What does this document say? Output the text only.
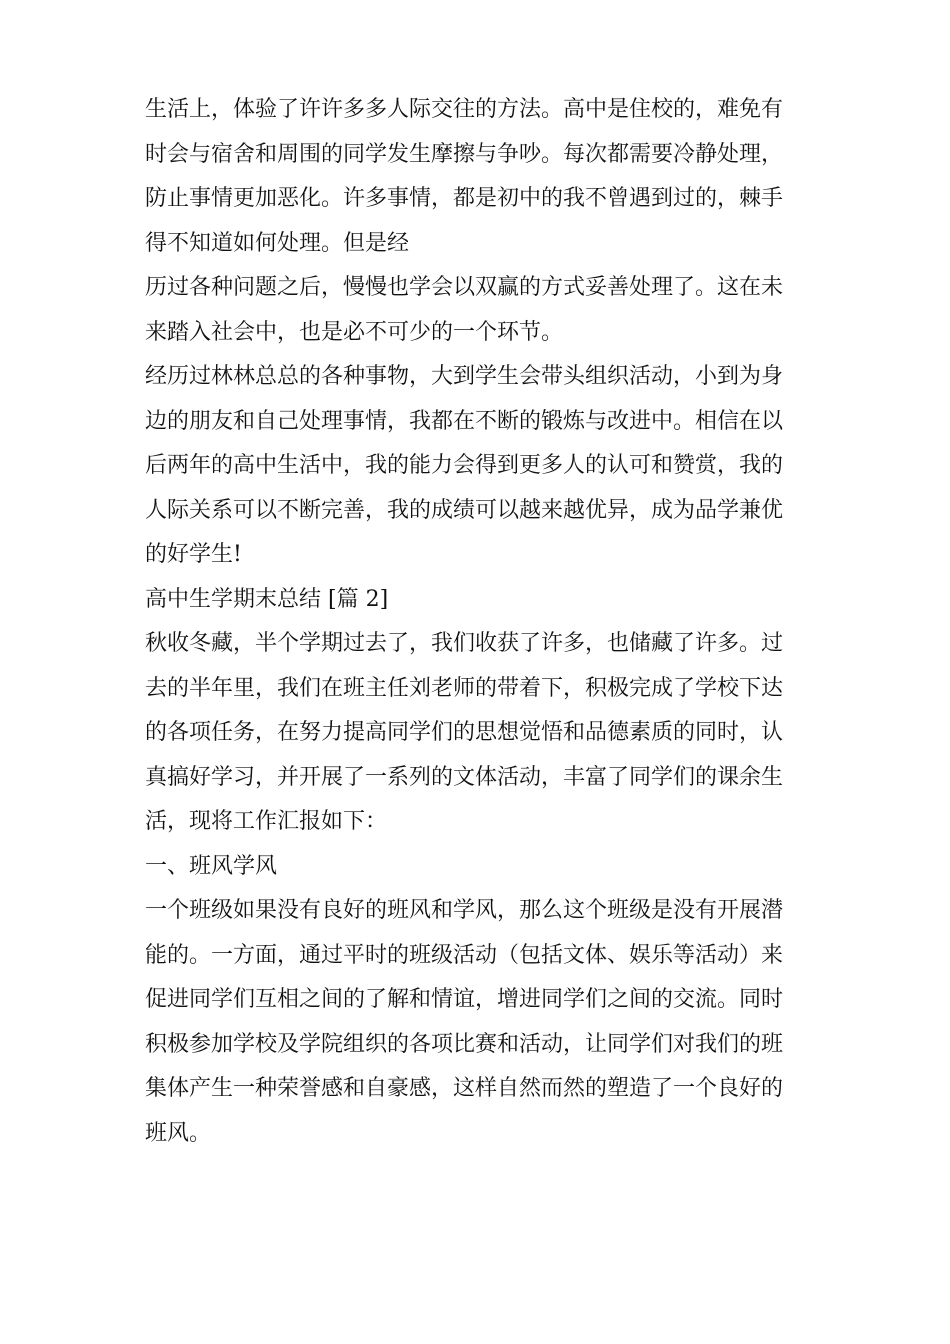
生活上，体验了许许多多人际交往的方法。高中是住校的，难免有
时会与宿舍和周围的同学发生摩擦与争吵。每次都需要冷静处理，
防止事情更加恶化。许多事情，都是初中的我不曾遇到过的，棘手
得不知道如何处理。但是经
历过各种问题之后，慢慢也学会以双赢的方式妥善处理了。这在未
来踏入社会中，也是必不可少的一个环节。
经历过林林总总的各种事物，大到学生会带头组织活动，小到为身
边的朋友和自己处理事情，我都在不断的锻炼与改进中。相信在以
后两年的高中生活中，我的能力会得到更多人的认可和赞赏，我的
人际关系可以不断完善，我的成绩可以越来越优异，成为品学兼优
的好学生!
高中生学期末总结 [篇 2]
秋收冬藏，半个学期过去了，我们收获了许多，也储藏了许多。过
去的半年里，我们在班主任刘老师的带着下，积极完成了学校下达
的各项任务，在努力提高同学们的思想觉悟和品德素质的同时，认
真搞好学习，并开展了一系列的文体活动，丰富了同学们的课余生
活，现将工作汇报如下：
一、班风学风
一个班级如果没有良好的班风和学风，那么这个班级是没有开展潜
能的。一方面，通过平时的班级活动（包括文体、娱乐等活动）来
促进同学们互相之间的了解和情谊，增进同学们之间的交流。同时
积极参加学校及学院组织的各项比赛和活动，让同学们对我们的班
集体产生一种荣誉感和自豪感，这样自然而然的塑造了一个良好的
班风。
